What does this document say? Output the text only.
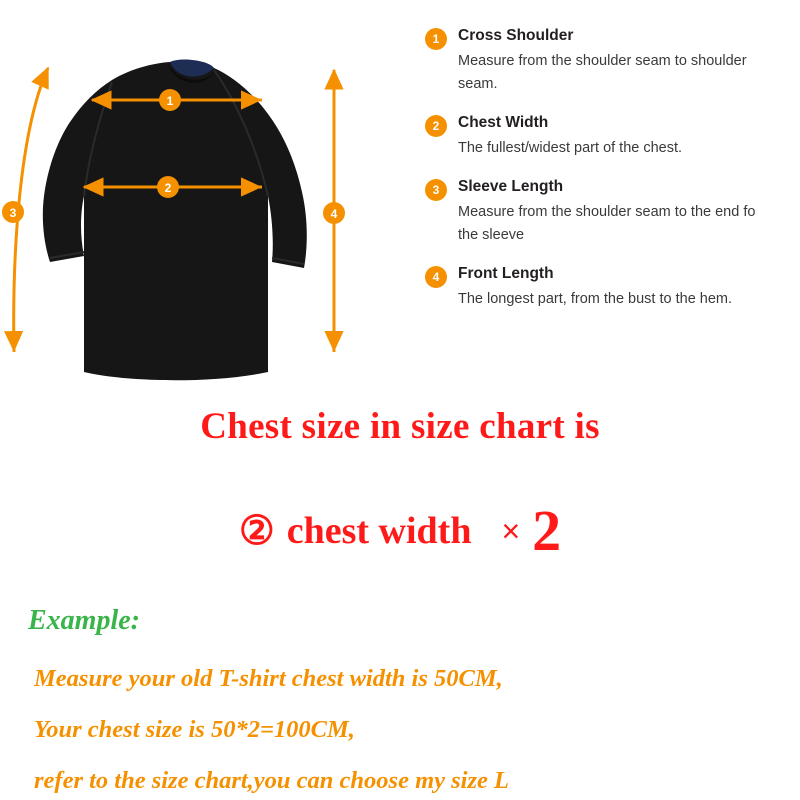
1
2
3	4
1	Cross Shoulder
Measure from the shoulder seam to shoulder seam.
2	Chest Width
The fullest/widest part of the chest.
3	Sleeve Length
Measure from the shoulder seam to the end fo the sleeve
4	Front Length
The longest part, from the bust to the hem.
Chest size in size chart is
② chest width × 2
Example:
Measure your old T-shirt chest width is 50CM,
Your chest size is 50*2=100CM,
refer to the size chart,you can choose my size L
